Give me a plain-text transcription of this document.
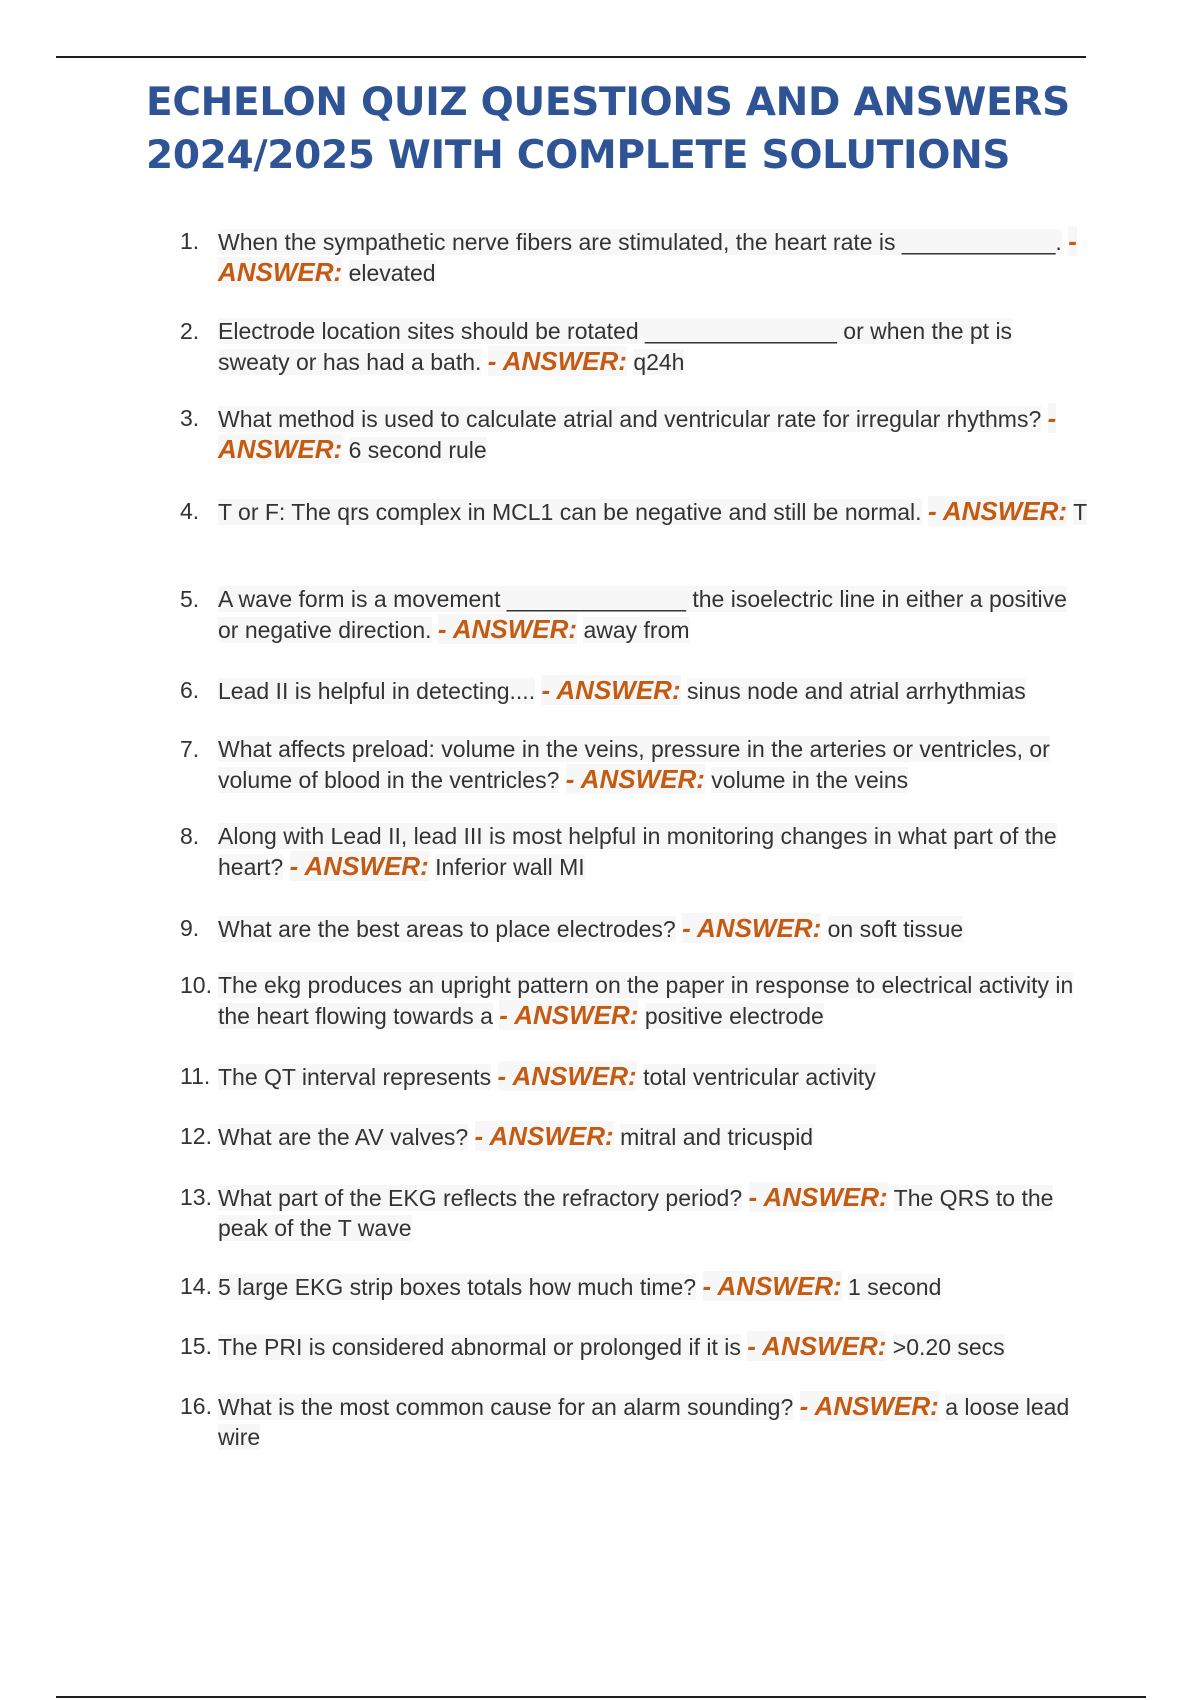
ECHELON QUIZ QUESTIONS AND ANSWERS
2024/2025 WITH COMPLETE SOLUTIONS
1. When the sympathetic nerve fibers are stimulated, the heart rate is ____________. - ANSWER: elevated
2. Electrode location sites should be rotated _______________ or when the pt is sweaty or has had a bath. - ANSWER: q24h
3. What method is used to calculate atrial and ventricular rate for irregular rhythms? - ANSWER: 6 second rule
4. T or F: The qrs complex in MCL1 can be negative and still be normal. - ANSWER: T
5. A wave form is a movement ______________ the isoelectric line in either a positive or negative direction. - ANSWER: away from
6. Lead II is helpful in detecting.... - ANSWER: sinus node and atrial arrhythmias
7. What affects preload: volume in the veins, pressure in the arteries or ventricles, or volume of blood in the ventricles? - ANSWER: volume in the veins
8. Along with Lead II, lead III is most helpful in monitoring changes in what part of the heart? - ANSWER: Inferior wall MI
9. What are the best areas to place electrodes? - ANSWER: on soft tissue
10. The ekg produces an upright pattern on the paper in response to electrical activity in the heart flowing towards a - ANSWER: positive electrode
11. The QT interval represents - ANSWER: total ventricular activity
12. What are the AV valves? - ANSWER: mitral and tricuspid
13. What part of the EKG reflects the refractory period? - ANSWER: The QRS to the peak of the T wave
14. 5 large EKG strip boxes totals how much time? - ANSWER: 1 second
15. The PRI is considered abnormal or prolonged if it is - ANSWER: >0.20 secs
16. What is the most common cause for an alarm sounding? - ANSWER: a loose lead wire
